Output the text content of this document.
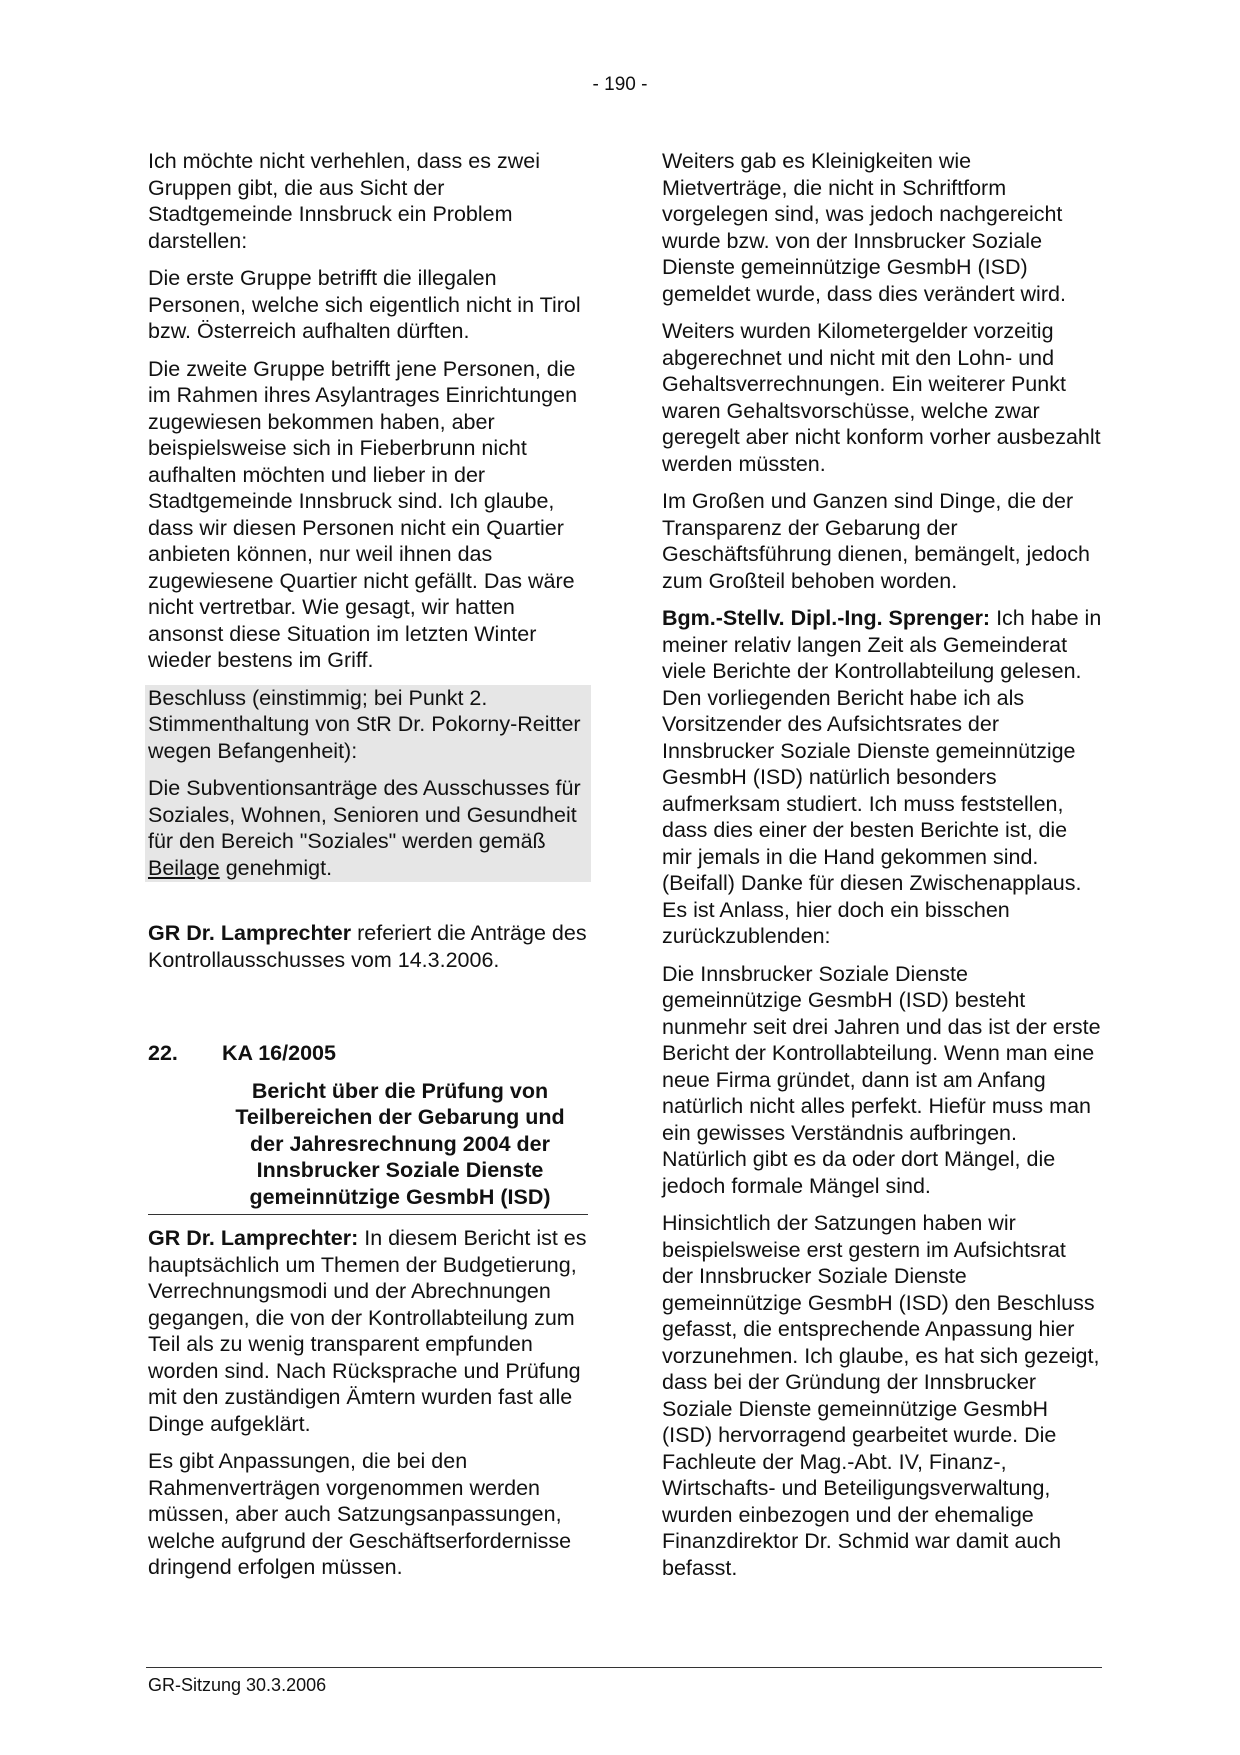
- 190 -

Ich möchte nicht verhehlen, dass es zwei Gruppen gibt, die aus Sicht der Stadtgemeinde Innsbruck ein Problem darstellen:

Die erste Gruppe betrifft die illegalen Personen, welche sich eigentlich nicht in Tirol bzw. Österreich aufhalten dürften.

Die zweite Gruppe betrifft jene Personen, die im Rahmen ihres Asylantrages Einrichtungen zugewiesen bekommen haben, aber beispielsweise sich in Fieberbrunn nicht aufhalten möchten und lieber in der Stadtgemeinde Innsbruck sind. Ich glaube, dass wir diesen Personen nicht ein Quartier anbieten können, nur weil ihnen das zugewiesene Quartier nicht gefällt. Das wäre nicht vertretbar. Wie gesagt, wir hatten ansonst diese Situation im letzten Winter wieder bestens im Griff.

Beschluss (einstimmig; bei Punkt 2. Stimmenthaltung von StR Dr. Pokorny-Reitter wegen Befangenheit):

Die Subventionsanträge des Ausschusses für Soziales, Wohnen, Senioren und Gesundheit für den Bereich "Soziales" werden gemäß Beilage genehmigt.

GR Dr. Lamprechter referiert die Anträge des Kontrollausschusses vom 14.3.2006.

22.	KA 16/2005
Bericht über die Prüfung von Teilbereichen der Gebarung und der Jahresrechnung 2004 der Innsbrucker Soziale Dienste gemeinnützige GesmbH (ISD)

GR Dr. Lamprechter: In diesem Bericht ist es hauptsächlich um Themen der Budgetierung, Verrechnungsmodi und der Abrechnungen gegangen, die von der Kontrollabteilung zum Teil als zu wenig transparent empfunden worden sind. Nach Rücksprache und Prüfung mit den zuständigen Ämtern wurden fast alle Dinge aufgeklärt.

Es gibt Anpassungen, die bei den Rahmenverträgen vorgenommen werden müssen, aber auch Satzungsanpassungen, welche aufgrund der Geschäftserfordernisse dringend erfolgen müssen.

Weiters gab es Kleinigkeiten wie Mietverträge, die nicht in Schriftform vorgelegen sind, was jedoch nachgereicht wurde bzw. von der Innsbrucker Soziale Dienste gemeinnützige GesmbH (ISD) gemeldet wurde, dass dies verändert wird.

Weiters wurden Kilometergelder vorzeitig abgerechnet und nicht mit den Lohn- und Gehaltsverrechnungen. Ein weiterer Punkt waren Gehaltsvorschüsse, welche zwar geregelt aber nicht konform vorher ausbezahlt werden müssten.

Im Großen und Ganzen sind Dinge, die der Transparenz der Gebarung der Geschäftsführung dienen, bemängelt, jedoch zum Großteil behoben worden.

Bgm.-Stellv. Dipl.-Ing. Sprenger: Ich habe in meiner relativ langen Zeit als Gemeinderat viele Berichte der Kontrollabteilung gelesen. Den vorliegenden Bericht habe ich als Vorsitzender des Aufsichtsrates der Innsbrucker Soziale Dienste gemeinnützige GesmbH (ISD) natürlich besonders aufmerksam studiert. Ich muss feststellen, dass dies einer der besten Berichte ist, die mir jemals in die Hand gekommen sind. (Beifall) Danke für diesen Zwischenapplaus. Es ist Anlass, hier doch ein bisschen zurückzublenden:

Die Innsbrucker Soziale Dienste gemeinnützige GesmbH (ISD) besteht nunmehr seit drei Jahren und das ist der erste Bericht der Kontrollabteilung. Wenn man eine neue Firma gründet, dann ist am Anfang natürlich nicht alles perfekt. Hiefür muss man ein gewisses Verständnis aufbringen. Natürlich gibt es da oder dort Mängel, die jedoch formale Mängel sind.

Hinsichtlich der Satzungen haben wir beispielsweise erst gestern im Aufsichtsrat der Innsbrucker Soziale Dienste gemeinnützige GesmbH (ISD) den Beschluss gefasst, die entsprechende Anpassung hier vorzunehmen. Ich glaube, es hat sich gezeigt, dass bei der Gründung der Innsbrucker Soziale Dienste gemeinnützige GesmbH (ISD) hervorragend gearbeitet wurde. Die Fachleute der Mag.-Abt. IV, Finanz-, Wirtschafts- und Beteiligungsverwaltung, wurden einbezogen und der ehemalige Finanzdirektor Dr. Schmid war damit auch befasst.

GR-Sitzung 30.3.2006
